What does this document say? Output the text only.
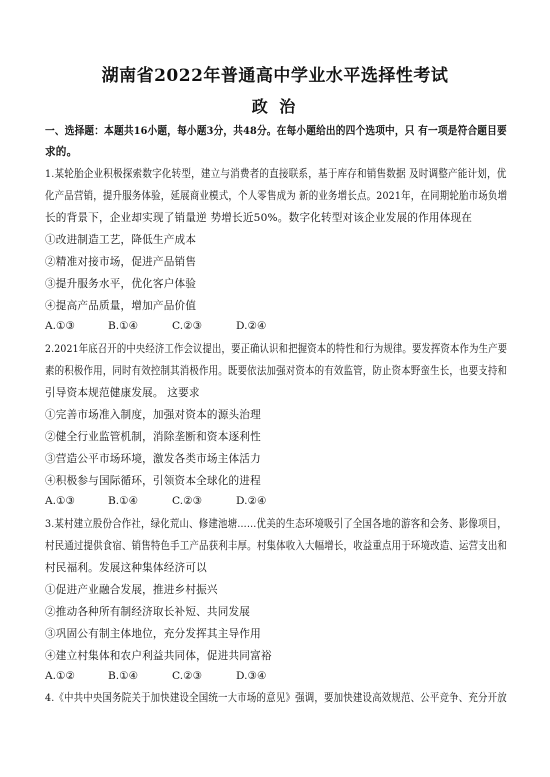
湖南省2022年普通高中学业水平选择性考试
政 治
一、选择题：本题共16小题，每小题3分，共48分。在每小题给出的四个选项中，只 有一项是符合题目要
求的。
1.某轮胎企业积极探索数字化转型，建立与消费者的直接联系，基于库存和销售数据 及时调整产能计划，优
化产品营销，提升服务体验，延展商业模式，个人零售成为 新的业务增长点。2021年，在同期轮胎市场负增
长的背景下，企业却实现了销量逆 势增长近50%。数字化转型对该企业发展的作用体现在
①改进制造工艺，降低生产成本
②精准对接市场，促进产品销售
③提升服务水平，优化客户体验
④提高产品质量，增加产品价值
A.①③	B.①④	C.②③	D.②④
2.2021年底召开的中央经济工作会议提出，要正确认识和把握资本的特性和行为规律。要发挥资本作为生产要
素的积极作用，同时有效控制其消极作用。既要依法加强对资本的有效监管，防止资本野蛮生长，也要支持和
引导资本规范健康发展。 这要求
①完善市场准入制度，加强对资本的源头治理
②健全行业监管机制，消除垄断和资本逐利性
③营造公平市场环境，激发各类市场主体活力
④积极参与国际循环，引领资本全球化的进程
A.①③	B.①④	C.②③	D.②④
3.某村建立股份合作社，绿化荒山、修建池塘……优美的生态环境吸引了全国各地的游客和会务、影像项目，
村民通过提供食宿、销售特色手工产品获利丰厚。村集体收入大幅增长，收益重点用于环境改造、运营支出和
村民福利。发展这种集体经济可以
①促进产业融合发展，推进乡村振兴
②推动各种所有制经济取长补短、共同发展
③巩固公有制主体地位，充分发挥其主导作用
④建立村集体和农户利益共同体，促进共同富裕
A.①②	B.①④	C.②③	D.③④
4.《中共中央国务院关于加快建设全国统一大市场的意见》强调，要加快建设高效规范、公平竞争、充分开放
